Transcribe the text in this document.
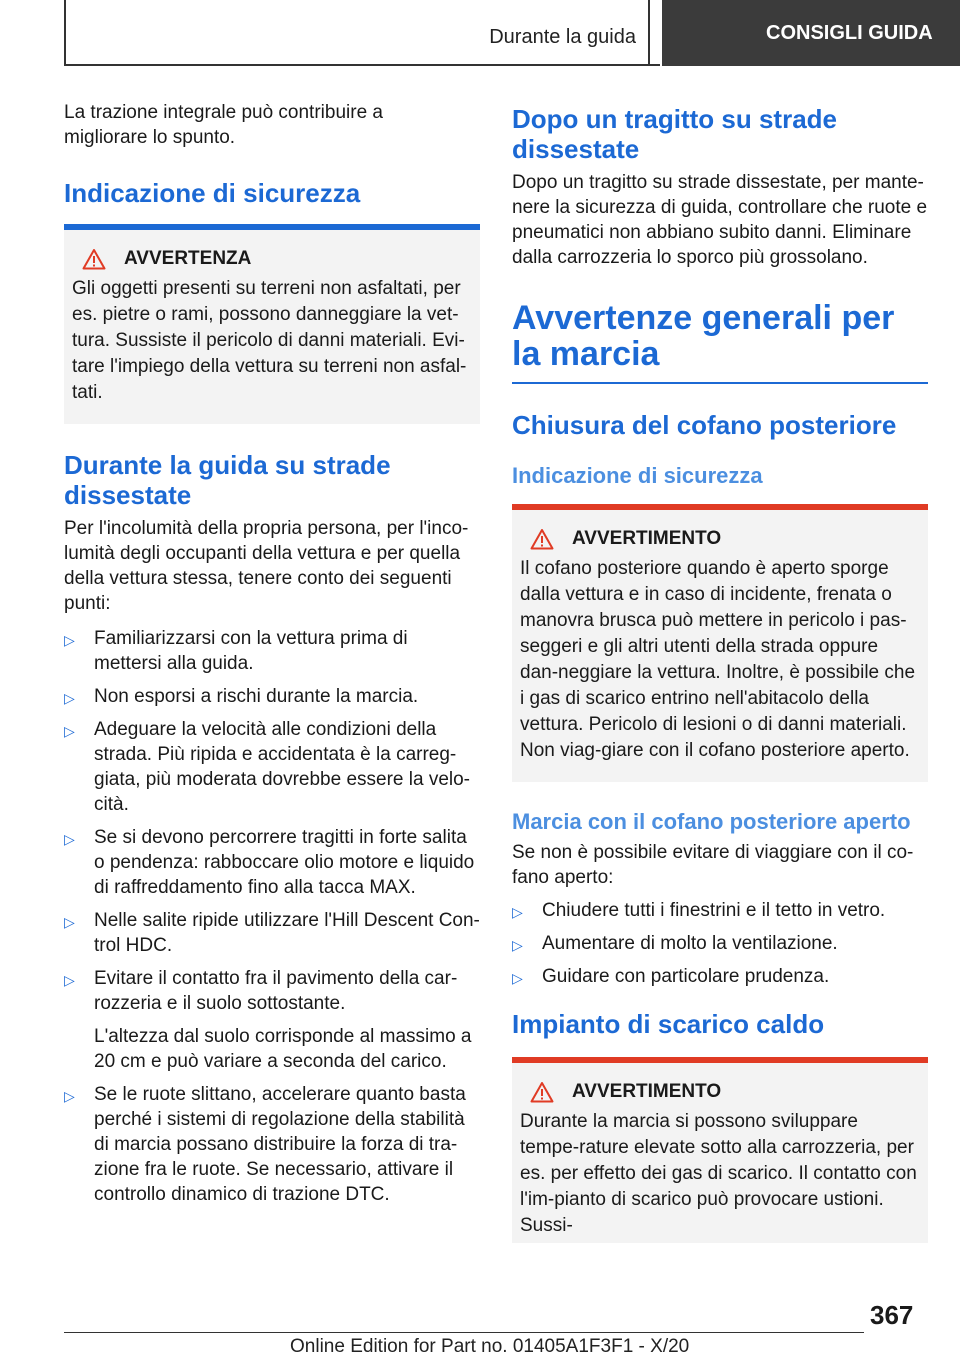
Durante la guida	CONSIGLI GUIDA

La trazione integrale può contribuire a migliorare lo spunto.

Indicazione di sicurezza
AVVERTENZA

Gli oggetti presenti su terreni non asfaltati, per es. pietre o rami, possono danneggiare la vet-tura. Sussiste il pericolo di danni materiali. Evi-tare l'impiego della vettura su terreni non asfal-tati.

Durante la guida su strade dissestate

Per l'incolumità della propria persona, per l'inco-lumità degli occupanti della vettura e per quella della vettura stessa, tenere conto dei seguenti punti:

▷ Familiarizzarsi con la vettura prima di mettersi alla guida.
▷ Non esporsi a rischi durante la marcia.
▷ Adeguare la velocità alle condizioni della strada. Più ripida e accidentata è la carreg-giata, più moderata dovrebbe essere la velo-cità.
▷ Se si devono percorrere tragitti in forte salita o pendenza: rabboccare olio motore e liquido di raffreddamento fino alla tacca MAX.
▷ Nelle salite ripide utilizzare l'Hill Descent Con-trol HDC.
▷ Evitare il contatto fra il pavimento della car-rozzeria e il suolo sottostante.
L'altezza dal suolo corrisponde al massimo a 20 cm e può variare a seconda del carico.
▷ Se le ruote slittano, accelerare quanto basta perché i sistemi di regolazione della stabilità di marcia possano distribuire la forza di tra-zione fra le ruote. Se necessario, attivare il controllo dinamico di trazione DTC.
Dopo un tragitto su strade dissestate

Dopo un tragitto su strade dissestate, per mante-nere la sicurezza di guida, controllare che ruote e pneumatici non abbiano subito danni. Eliminare dalla carrozzeria lo sporco più grossolano.

Avvertenze generali per la marcia
Chiusura del cofano posteriore
Indicazione di sicurezza
AVVERTIMENTO

Il cofano posteriore quando è aperto sporge dalla vettura e in caso di incidente, frenata o manovra brusca può mettere in pericolo i pas-seggeri e gli altri utenti della strada oppure dan-neggiare la vettura. Inoltre, è possibile che i gas di scarico entrino nell'abitacolo della vettura. Pericolo di lesioni o di danni materiali. Non viag-giare con il cofano posteriore aperto.

Marcia con il cofano posteriore aperto

Se non è possibile evitare di viaggiare con il co-fano aperto:

▷ Chiudere tutti i finestrini e il tetto in vetro.
▷ Aumentare di molto la ventilazione.
▷ Guidare con particolare prudenza.
Impianto di scarico caldo
AVVERTIMENTO

Durante la marcia si possono sviluppare tempe-rature elevate sotto alla carrozzeria, per es. per effetto dei gas di scarico. Il contatto con l'im-pianto di scarico può provocare ustioni. Sussi-

367
Online Edition for Part no. 01405A1F3F1 - X/20
